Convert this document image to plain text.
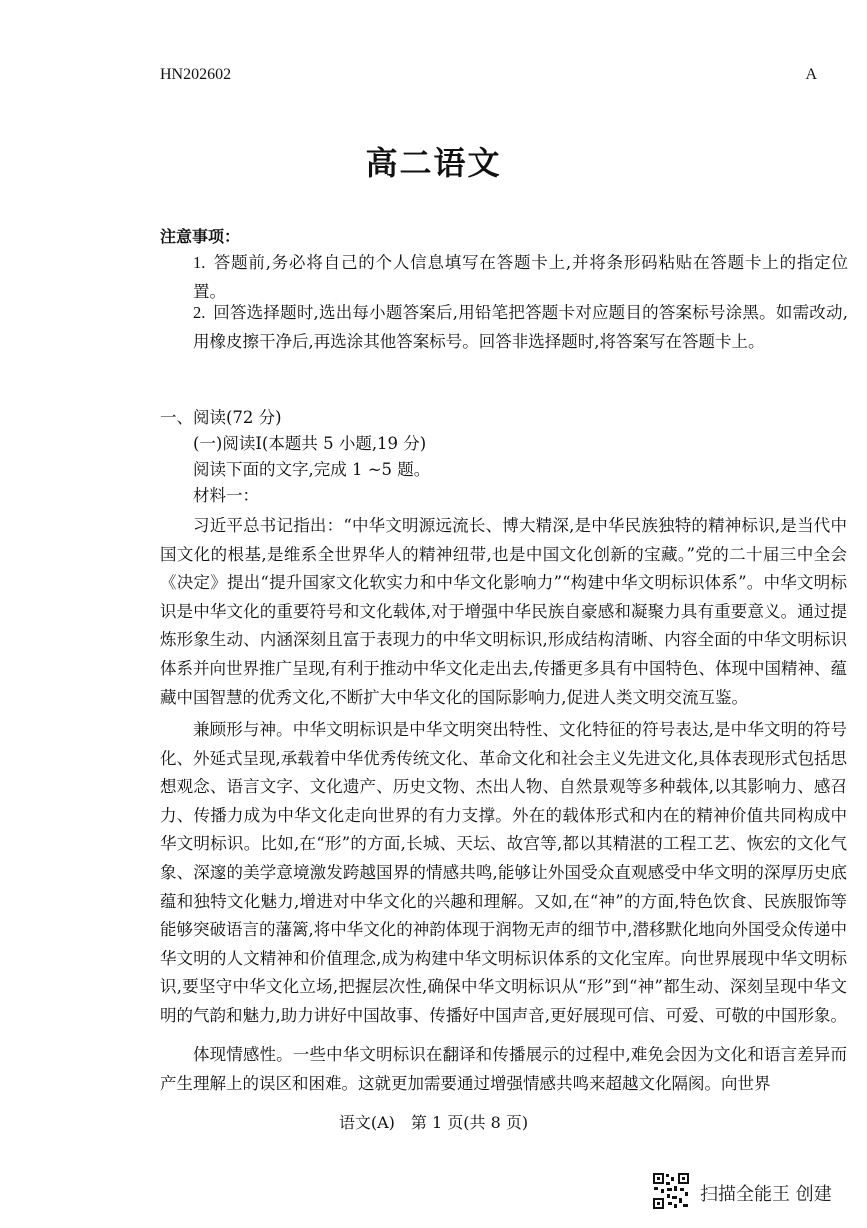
HN202602	A
高二语文
注意事项：
1. 答题前,务必将自己的个人信息填写在答题卡上,并将条形码粘贴在答题卡上的指定位置。
2. 回答选择题时,选出每小题答案后,用铅笔把答题卡对应题目的答案标号涂黑。如需改动,用橡皮擦干净后,再选涂其他答案标号。回答非选择题时,将答案写在答题卡上。
一、阅读(72 分)
(一)阅读Ⅰ(本题共 5 小题,19 分)
阅读下面的文字,完成 1 ~5 题。
材料一：
习近平总书记指出：“中华文明源远流长、博大精深,是中华民族独特的精神标识,是当代中国文化的根基,是维系全世界华人的精神纽带,也是中国文化创新的宝藏。”党的二十届三中全会《决定》提出“提升国家文化软实力和中华文化影响力”“构建中华文明标识体系”。中华文明标识是中华文化的重要符号和文化载体,对于增强中华民族自豪感和凝聚力具有重要意义。通过提炼形象生动、内涵深刻且富于表现力的中华文明标识,形成结构清晰、内容全面的中华文明标识体系并向世界推广呈现,有利于推动中华文化走出去,传播更多具有中国特色、体现中国精神、蕴藏中国智慧的优秀文化,不断扩大中华文化的国际影响力,促进人类文明交流互鉴。
兼顾形与神。中华文明标识是中华文明突出特性、文化特征的符号表达,是中华文明的符号化、外延式呈现,承载着中华优秀传统文化、革命文化和社会主义先进文化,具体表现形式包括思想观念、语言文字、文化遗产、历史文物、杰出人物、自然景观等多种载体,以其影响力、感召力、传播力成为中华文化走向世界的有力支撑。外在的载体形式和内在的精神价值共同构成中华文明标识。比如,在“形”的方面,长城、天坛、故宫等,都以其精湛的工程工艺、恢宏的文化气象、深邃的美学意境激发跨越国界的情感共鸣,能够让外国受众直观感受中华文明的深厚历史底蕴和独特文化魅力,增进对中华文化的兴趣和理解。又如,在“神”的方面,特色饮食、民族服饰等能够突破语言的藩篱,将中华文化的神韵体现于润物无声的细节中,潜移默化地向外国受众传递中华文明的人文精神和价值理念,成为构建中华文明标识体系的文化宝库。向世界展现中华文明标识,要坚守中华文化立场,把握层次性,确保中华文明标识从“形”到“神”都生动、深刻呈现中华文明的气韵和魅力,助力讲好中国故事、传播好中国声音,更好展现可信、可爱、可敬的中国形象。
体现情感性。一些中华文明标识在翻译和传播展示的过程中,难免会因为文化和语言差异而产生理解上的误区和困难。这就更加需要通过增强情感共鸣来超越文化隔阂。向世界
语文(A)　第 1 页(共 8 页)
扫描全能王 创建
